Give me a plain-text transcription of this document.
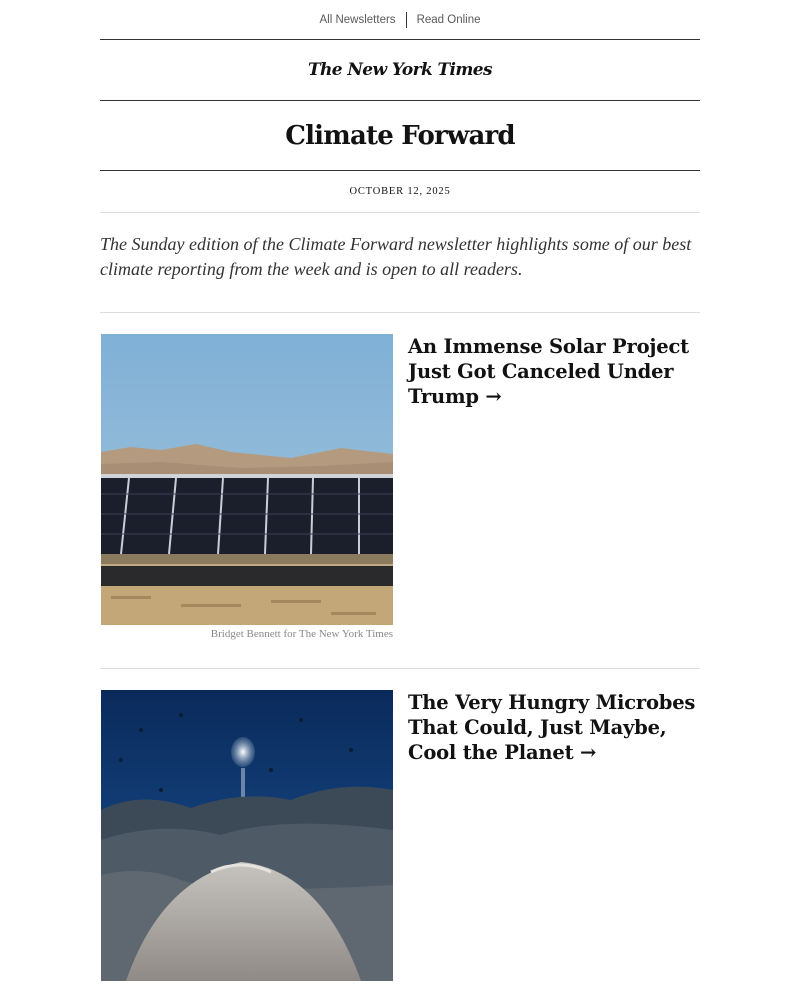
All Newsletters	Read Online
The New York Times
Climate Forward
OCTOBER 12, 2025
The Sunday edition of the Climate Forward newsletter highlights some of our best climate reporting from the week and is open to all readers.
Bridget Bennett for The New York Times
An Immense Solar Project Just Got Canceled Under Trump →
The Very Hungry Microbes That Could, Just Maybe, Cool the Planet →
